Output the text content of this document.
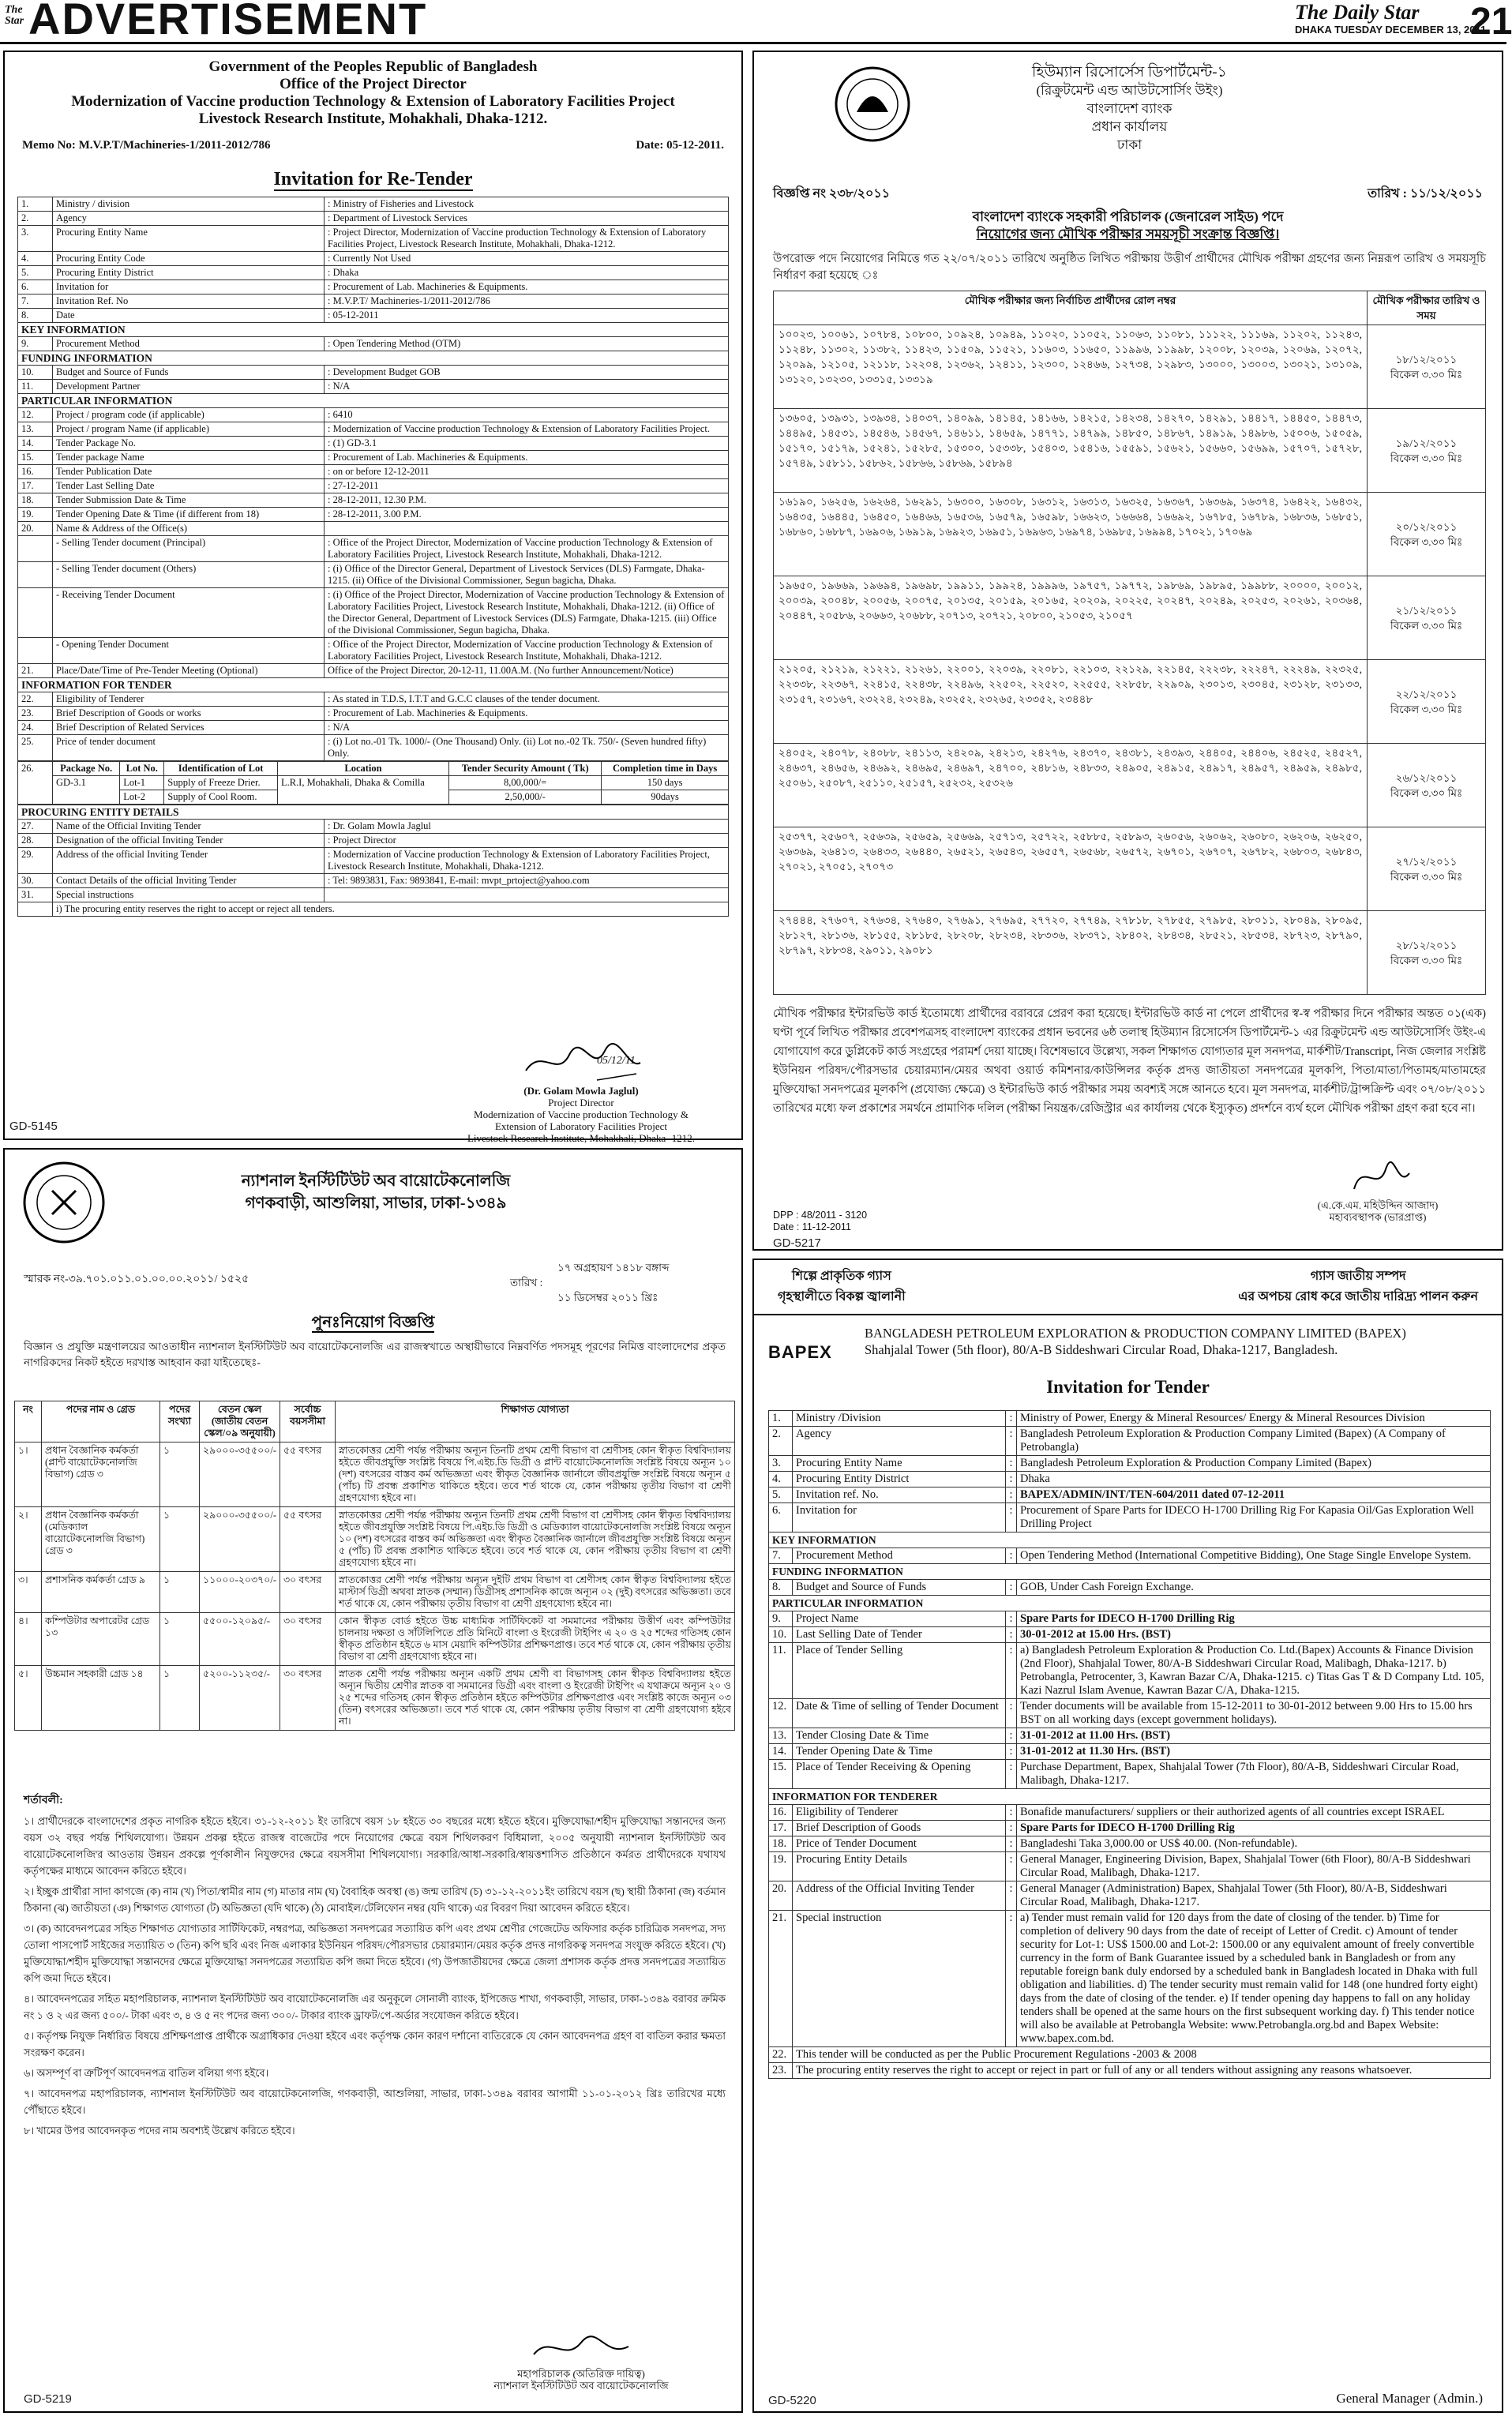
The Star ADVERTISEMENT	The Daily Star
DHAKA TUESDAY DECEMBER 13, 2011
21
Government of the Peoples Republic of Bangladesh
Office of the Project Director
Modernization of Vaccine production Technology & Extension of Laboratory Facilities Project
Livestock Research Institute, Mohakhali, Dhaka-1212.
Memo No: M.V.P.T/Machineries-1/2011-2012/786	Date: 05-12-2011.
Invitation for Re-Tender
1.	Ministry / division	: Ministry of Fisheries and Livestock
2.	Agency	: Department of Livestock Services
3.	Procuring Entity Name	: Project Director, Modernization of Vaccine production Technology & Extension of Laboratory Facilities Project, Livestock Research Institute, Mohakhali, Dhaka-1212.
4.	Procuring Entity Code	: Currently Not Used
5.	Procuring Entity District	: Dhaka
6.	Invitation for	: Procurement of Lab. Machineries & Equipments.
7.	Invitation Ref. No	: M.V.P.T/ Machineries-1/2011-2012/786
8.	Date	: 05-12-2011
KEY INFORMATION		
9.	Procurement Method	: Open Tendering Method (OTM)
FUNDING INFORMATION		
10.	Budget and Source of Funds	: Development Budget GOB
11.	Development Partner	: N/A
PARTICULAR INFORMATION		
12.	Project / program code (if applicable)	: 6410
13.	Project / program Name (if applicable)	: Modernization of Vaccine production Technology & Extension of Laboratory Facilities Project.
14.	Tender Package No.	: (1) GD-3.1
15.	Tender package Name	: Procurement of Lab. Machineries & Equipments.
16.	Tender Publication Date	: on or before 12-12-2011
17.	Tender Last Selling Date	: 27-12-2011
18.	Tender Submission Date & Time	: 28-12-2011, 12.30 P.M.
19.	Tender Opening Date & Time (if different from 18)	: 28-12-2011, 3.00 P.M.
20.	Name & Address of the Office(s)	
	- Selling Tender document (Principal)	: Office of the Project Director, Modernization of Vaccine production Technology & Extension of Laboratory Facilities Project, Livestock Research Institute, Mohakhali, Dhaka-1212.
	- Selling Tender document (Others)	: (i) Office of the Director General, Department of Livestock Services (DLS) Farmgate, Dhaka-1215. (ii) Office of the Divisional Commissioner, Segun bagicha, Dhaka.
	- Receiving Tender Document	: (i) Office of the Project Director, Modernization of Vaccine production Technology & Extension of Laboratory Facilities Project, Livestock Research Institute, Mohakhali, Dhaka-1212. (ii) Office of the Director General, Department of Livestock Services (DLS) Farmgate, Dhaka-1215. (iii) Office of the Divisional Commissioner, Segun bagicha, Dhaka.
	- Opening Tender Document	: Office of the Project Director, Modernization of Vaccine production Technology & Extension of Laboratory Facilities Project, Livestock Research Institute, Mohakhali, Dhaka-1212.
21.	Place/Date/Time of Pre-Tender Meeting (Optional)	Office of the Project Director, 20-12-11, 11.00A.M. (No further Announcement/Notice)
INFORMATION FOR TENDER		
22.	Eligibility of Tenderer	: As stated in T.D.S, I.T.T and G.C.C clauses of the tender document.
23.	Brief Description of Goods or works	: Procurement of Lab. Machineries & Equipments.
24.	Brief Description of Related Services	: N/A
25.	Price of tender document	: (i) Lot no.-01 Tk. 1000/- (One Thousand) Only. (ii) Lot no.-02 Tk. 750/- (Seven hundred fifty) Only.
26.	Package No.	Lot No.	Identification of Lot	Location	Tender Security Amount ( Tk)	Completion time in Days
	GD-3.1	Lot-1	Supply of Freeze Drier.	L.R.I, Mohakhali, Dhaka & Comilla	8,00,000/=	150 days
		Lot-2	Supply of Cool Room.		2,50,000/-	90days
PROCURING ENTITY DETAILS		
27.	Name of the Official Inviting Tender	: Dr. Golam Mowla Jaglul
28.	Designation of the official Inviting Tender	: Project Director
29.	Address of the official Inviting Tender	: Modernization of Vaccine production Technology & Extension of Laboratory Facilities Project, Livestock Research Institute, Mohakhali, Dhaka-1212.
30.	Contact Details of the official Inviting Tender	: Tel: 9893831, Fax: 9893841, E-mail: mvpt_prtoject@yahoo.com
31.	Special instructions	
	i) The procuring entity reserves the right to accept or reject all tenders.	
05/12/11
(Dr. Golam Mowla Jaglul)
Project Director
Modernization of Vaccine production Technology &
Extension of Laboratory Facilities Project
Livestock Research Institute, Mohakhali, Dhaka -1212.
GD-5145
হিউম্যান রিসোর্সেস ডিপার্টমেন্ট-১
(রিক্রুটমেন্ট এন্ড আউটসোর্সিং উইং)
বাংলাদেশ ব্যাংক
প্রধান কার্যালয়
ঢাকা
বিজ্ঞপ্তি নং ২৩৮/২০১১	তারিখ : ১১/১২/২০১১
বাংলাদেশ ব্যাংকে সহকারী পরিচালক (জেনারেল সাইড) পদে
নিয়োগের জন্য মৌখিক পরীক্ষার সময়সূচী সংক্রান্ত বিজ্ঞপ্তি।
উপরোক্ত পদে নিয়োগের নিমিত্তে গত ২২/০৭/২০১১ তারিখে অনুষ্ঠিত লিখিত পরীক্ষায় উত্তীর্ণ প্রার্থীদের মৌখিক পরীক্ষা গ্রহণের জন্য নিম্নরূপ তারিখ ও সময়সূচি নির্ধারণ করা হয়েছে ঃ
মৌখিক পরীক্ষার জন্য নির্বাচিত প্রার্থীদের রোল নম্বর	মৌখিক পরীক্ষার তারিখ ও সময়
১০০২৩, ১০০৬১, ১০৭৮৪, ১০৮০০, ১০৯২৪, ১০৯৪৯, ১১০২০, ১১০৫২, ১১০৬৩, ১১০৮১, ১১১২২, ১১১৬৯, ১১২০২, ১১২৪৩, ১১২৪৮, ১১৩০২, ১১৩৮২, ১১৪২৩, ১১৫০৯, ১১৫২১, ১১৬০৩, ১১৬৫০, ১১৯৯৬, ১১৯৯৮, ১২০০৮, ১২০৩৯, ১২০৬৯, ১২০৭২, ১২০৯৯, ১২১০৫, ১২১১৮, ১২২০৪, ১২৩৬২, ১২৪১১, ১২৩০০, ১২৪৬৬, ১২৭৩৪, ১২৯৮৩, ১৩০০০, ১৩০০৩, ১৩০২১, ১৩১০৯, ১৩১২০, ১৩২৩০, ১৩৩১৫, ১৩৩১৯	১৮/১২/২০১১
বিকেল ৩.৩০ মিঃ

১৩৬০৫, ১৩৯৩১, ১৩৯৩৪, ১৪০৩৭, ১৪০৯৯, ১৪১৪৫, ১৪১৬৬, ১৪২১৫, ১৪২৩৪, ১৪২৭০, ১৪২৯১, ১৪৪১৭, ১৪৪৫০, ১৪৪৭৩, ১৪৪৯৫, ১৪৫৩১, ১৪৫৪৬, ১৪৫৬৭, ১৪৬১১, ১৪৬৫৯, ১৪৭৭১, ১৪৭৯৯, ১৪৮৫০, ১৪৮৬৭, ১৪৯১৯, ১৪৯৮৬, ১৫০০৬, ১৫০৫৯, ১৫১৭০, ১৫১৭৯, ১৫২৪১, ১৫২৮৫, ১৫৩০০, ১৫৩৩৮, ১৫৪০৩, ১৫৪১৬, ১৫৫৯১, ১৫৬২১, ১৫৬৬০, ১৫৬৯৯, ১৫৭০৭, ১৫৭২৮, ১৫৭৪৯, ১৫৮১১, ১৫৮৬২, ১৫৮৬৬, ১৫৮৬৯, ১৫৮৯৪	১৯/১২/২০১১
বিকেল ৩.৩০ মিঃ

১৬১৯০, ১৬২৫৬, ১৬২৬৪, ১৬২৯১, ১৬৩০০, ১৬৩০৮, ১৬৩১২, ১৬৩১৩, ১৬৩২৫, ১৬৩৬৭, ১৬৩৬৯, ১৬৩৭৪, ১৬৪২২, ১৬৪৩২, ১৬৪৩৫, ১৬৪৪৫, ১৬৪৫০, ১৬৪৬৬, ১৬৫৩৬, ১৬৫৭৯, ১৬৫৯৮, ১৬৬২৩, ১৬৬৬৪, ১৬৬৯২, ১৬৭৮৫, ১৬৭৮৯, ১৬৮৩৬, ১৬৮৫১, ১৬৮৬০, ১৬৮৮৭, ১৬৯০৬, ১৬৯১৯, ১৬৯২৩, ১৬৯৫১, ১৬৯৬৩, ১৬৯৭৪, ১৬৯৮৫, ১৬৯৯৪, ১৭০২১, ১৭০৬৯	২০/১২/২০১১
বিকেল ৩.৩০ মিঃ

১৯৬৫০, ১৯৬৬৯, ১৯৬৯৪, ১৯৬৯৮, ১৯৯১১, ১৯৯২৪, ১৯৯৯৬, ১৯৭৫৭, ১৯৭৭২, ১৯৮৬৯, ১৯৮৯৫, ১৯৯৮৮, ২০০০০, ২০০১২, ২০০৩৯, ২০০৪৮, ২০০৫৬, ২০০৭৫, ২০১৩৫, ২০১৫৯, ২০১৬৫, ২০২০৯, ২০২২৫, ২০২৪৭, ২০২৪৯, ২০২৫৩, ২০২৬১, ২০৩৬৪, ২০৪৪৭, ২০৫৮৬, ২০৬৬৩, ২০৬৮৮, ২০৭১৩, ২০৭২১, ২০৮০০, ২১০৫৩, ২১০৫৭	২১/১২/২০১১
বিকেল ৩.৩০ মিঃ

২১২০৫, ২১২১৯, ২১২২১, ২১২৬১, ২২০০১, ২২০৩৯, ২২০৮১, ২২১০৩, ২২১২৯, ২২১৪৫, ২২২৩৮, ২২২৪৭, ২২২৪৯, ২২৩২৫, ২২৩৩৮, ২২৩৬৭, ২২৪১৫, ২২৪৩৮, ২২৪৯৬, ২২৫০২, ২২৫২০, ২২৫৫৫, ২২৮৫৮, ২২৯০৯, ২৩০১৩, ২৩০৪৫, ২৩১২৮, ২৩১৩৩, ২৩১৫৭, ২৩১৬৭, ২৩২২৪, ২৩২৪৯, ২৩২৫২, ২৩২৬৫, ২৩৩৫২, ২৩৪৪৮	২২/১২/২০১১
বিকেল ৩.৩০ মিঃ

২৪০৫২, ২৪০৭৮, ২৪০৮৮, ২৪১১৩, ২৪২০৯, ২৪২১৩, ২৪২৭৬, ২৪৩৭০, ২৪৩৮১, ২৪৩৯৩, ২৪৪০৫, ২৪৪০৬, ২৪৫২৫, ২৪৫২৭, ২৪৬৩৭, ২৪৬৫৬, ২৪৬৯২, ২৪৬৯৫, ২৪৬৯৭, ২৪৭০০, ২৪৮১৬, ২৪৮৩৩, ২৪৯০৫, ২৪৯১৫, ২৪৯১৭, ২৪৯৫৭, ২৪৯৫৯, ২৪৯৮৫, ২৫০৬১, ২৫০৮৭, ২৫১১০, ২৫১৫৭, ২৫২৩২, ২৫৩২৬	২৬/১২/২০১১
বিকেল ৩.৩০ মিঃ

২৫৩৭৭, ২৫৬০৭, ২৫৬৩৯, ২৫৬৫৯, ২৫৬৬৯, ২৫৭১৩, ২৫৭২২, ২৫৮৮৫, ২৫৮৯৩, ২৬০৫৬, ২৬০৬২, ২৬০৮০, ২৬২০৬, ২৬২৫০, ২৬৩৬৯, ২৬৪১৩, ২৬৪৩৩, ২৬৪৪০, ২৬৫২১, ২৬৫৪৩, ২৬৫৫৭, ২৬৫৬৮, ২৬৫৭২, ২৬৭০১, ২৬৭০৭, ২৬৭৮২, ২৬৮০৩, ২৬৮৪৩, ২৭০২১, ২৭০৫১, ২৭০৭৩	২৭/১২/২০১১
বিকেল ৩.৩০ মিঃ

২৭৪৪৪, ২৭৬০৭, ২৭৬৩৪, ২৭৬৪০, ২৭৬৯১, ২৭৬৯৫, ২৭৭২০, ২৭৭৪৯, ২৭৮১৮, ২৭৮৫৫, ২৭৯৮৫, ২৮০১১, ২৮০৪৯, ২৮০৯৫, ২৮১২৭, ২৮১৩৬, ২৮১৫৫, ২৮১৮৫, ২৮২০৮, ২৮২৩৪, ২৮৩৩৬, ২৮৩৭১, ২৮৪০২, ২৮৪৩৪, ২৮৫২১, ২৮৫৩৪, ২৮৭২৩, ২৮৭৯০, ২৮৭৯৭, ২৮৮৩৪, ২৯০১১, ২৯০৮১	২৮/১২/২০১১
বিকেল ৩.৩০ মিঃ
মৌখিক পরীক্ষার ইন্টারভিউ কার্ড ইতোমধ্যে প্রার্থীদের বরাবরে প্রেরণ করা হয়েছে। ইন্টারভিউ কার্ড না পেলে প্রার্থীদের স্ব-স্ব পরীক্ষার দিনে পরীক্ষার অন্তত ০১(এক) ঘণ্টা পূর্বে লিখিত পরীক্ষার প্রবেশপত্রসহ বাংলাদেশ ব্যাংকের প্রধান ভবনের ৬ষ্ঠ তলাস্থ হিউম্যান রিসোর্সেস ডিপার্টমেন্ট-১ এর রিক্রুটমেন্ট এন্ড আউটসোর্সিং উইং-এ যোগাযোগ করে ডুপ্লিকেট কার্ড সংগ্রহের পরামর্শ দেয়া যাচ্ছে। বিশেষভাবে উল্লেখ্য, সকল শিক্ষাগত যোগ্যতার মূল সনদপত্র, মার্কশীট/Transcript, নিজ জেলার সংশ্লিষ্ট ইউনিয়ন পরিষদ/পৌরসভার চেয়ারম্যান/মেয়র অথবা ওয়ার্ড কমিশনার/কাউন্সিলর কর্তৃক প্রদত্ত জাতীয়তা সনদপত্রের মূলকপি, পিতা/মাতা/পিতামহ/মাতামহের মুক্তিযোদ্ধা সনদপত্রের মূলকপি (প্রযোজ্য ক্ষেত্রে) ও ইন্টারভিউ কার্ড পরীক্ষার সময় অবশ্যই সঙ্গে আনতে হবে। মূল সনদপত্র, মার্কশীট/ট্রান্সক্রিপ্ট এবং ০৭/০৮/২০১১ তারিখের মধ্যে ফল প্রকাশের সমর্থনে প্রামাণিক দলিল (পরীক্ষা নিয়ন্ত্রক/রেজিস্ট্রার এর কার্যালয় থেকে ইস্যুকৃত) প্রদর্শনে ব্যর্থ হলে মৌখিক পরীক্ষা গ্রহণ করা হবে না।
DPP : 48/2011 - 3120
Date : 11-12-2011
(এ.কে.এম. মহিউদ্দিন আজাদ)
মহাব্যবস্থাপক (ভারপ্রাপ্ত)
GD-5217
ন্যাশনাল ইনস্টিটিউট অব বায়োটেকনোলজি
গণকবাড়ী, আশুলিয়া, সাভার, ঢাকা-১৩৪৯
স্মারক নং-৩৯.৭০১.০১১.০১.০০.০০.২০১১/ ১৫২৫
১৭ অগ্রহায়ণ ১৪১৮ বঙ্গাব্দ
তারিখ :
১১ ডিসেম্বর ২০১১ খ্রিঃ
পুনঃনিয়োগ বিজ্ঞপ্তি
বিজ্ঞান ও প্রযুক্তি মন্ত্রণালয়ের আওতাধীন ন্যাশনাল ইনস্টিটিউট অব বায়োটেকনোলজি এর রাজস্বখাতে অস্থায়ীভাবে নিম্নবর্ণিত পদসমূহ পূরণের নিমিত্ত বাংলাদেশের প্রকৃত নাগরিকদের নিকট হইতে দরখাস্ত আহবান করা যাইতেছেঃ-
নং	পদের নাম ও গ্রেড	পদের সংখ্যা	বেতন স্কেল (জাতীয় বেতন স্কেল/০৯ অনুযায়ী)	সর্বোচ্চ বয়সসীমা	শিক্ষাগত যোগ্যতা
১।	প্রধান বৈজ্ঞানিক কর্মকর্তা (প্লান্ট বায়োটেকনোলজি বিভাগ) গ্রেড ৩	১	২৯০০০-৩৫৫০০/-	৫৫ বৎসর	স্নাতকোত্তর শ্রেণী পর্যন্ত পরীক্ষায় অন্যূন তিনটি প্রথম শ্রেণী বিভাগ বা শ্রেণীসহ কোন স্বীকৃত বিশ্ববিদ্যালয় হইতে জীবপ্রযুক্তি সংশ্লিষ্ট বিষয়ে পি.এইচ.ডি ডিগ্রী ও প্লান্ট বায়োটেকনোলজি সংশ্লিষ্ট বিষয়ে অন্যূন ১০ (দশ) বৎসরের বাস্তব কর্ম অভিজ্ঞতা এবং স্বীকৃত বৈজ্ঞানিক জার্নালে জীবপ্রযুক্তি সংশ্লিষ্ট বিষয়ে অন্যূন ৫ (পাঁচ) টি প্রবন্ধ প্রকাশিত থাকিতে হইবে। তবে শর্ত থাকে যে, কোন পরীক্ষায় তৃতীয় বিভাগ বা শ্রেণী গ্রহণযোগ্য হইবে না।
২।	প্রধান বৈজ্ঞানিক কর্মকর্তা (মেডিক্যাল বায়োটেকনোলজি বিভাগ) গ্রেড ৩	১	২৯০০০-৩৫৫০০/-	৫৫ বৎসর	স্নাতকোত্তর শ্রেণী পর্যন্ত পরীক্ষায় অন্যূন তিনটি প্রথম শ্রেণী বিভাগ বা শ্রেণীসহ কোন স্বীকৃত বিশ্ববিদ্যালয় হইতে জীবপ্রযুক্তি সংশ্লিষ্ট বিষয়ে পি.এইচ.ডি ডিগ্রী ও মেডিক্যাল বায়োটেকনোলজি সংশ্লিষ্ট বিষয়ে অন্যূন ১০ (দশ) বৎসরের বাস্তব কর্ম অভিজ্ঞতা এবং স্বীকৃত বৈজ্ঞানিক জার্নালে জীবপ্রযুক্তি সংশ্লিষ্ট বিষয়ে অন্যূন ৫ (পাঁচ) টি প্রবন্ধ প্রকাশিত থাকিতে হইবে। তবে শর্ত থাকে যে, কোন পরীক্ষায় তৃতীয় বিভাগ বা শ্রেণী গ্রহণযোগ্য হইবে না।
৩।	প্রশাসনিক কর্মকর্তা গ্রেড ৯	১	১১০০০-২০৩৭০/-	৩০ বৎসর	স্নাতকোত্তর শ্রেণী পর্যন্ত পরীক্ষায় অন্যূন দুইটি প্রথম বিভাগ বা শ্রেণীসহ কোন স্বীকৃত বিশ্ববিদ্যালয় হইতে মাস্টার্স ডিগ্রী অথবা স্নাতক (সম্মান) ডিগ্রীসহ প্রশাসনিক কাজে অন্যূন ০২ (দুই) বৎসরের অভিজ্ঞতা। তবে শর্ত থাকে যে, কোন পরীক্ষায় তৃতীয় বিভাগ বা শ্রেণী গ্রহণযোগ্য হইবে না।
৪।	কম্পিউটার অপারেটর গ্রেড ১৩	১	৫৫০০-১২০৯৫/-	৩০ বৎসর	কোন স্বীকৃত বোর্ড হইতে উচ্চ মাধ্যমিক সার্টিফিকেট বা সমমানের পরীক্ষায় উত্তীর্ণ এবং কম্পিউটার চালনায় দক্ষতা ও সাঁটলিপিতে প্রতি মিনিটে বাংলা ও ইংরেজী টাইপিং এ ২০ ও ২৫ শব্দের গতিসহ কোন স্বীকৃত প্রতিষ্ঠান হইতে ৬ মাস মেয়াদি কম্পিউটার প্রশিক্ষণপ্রাপ্ত। তবে শর্ত থাকে যে, কোন পরীক্ষায় তৃতীয় বিভাগ বা শ্রেণী গ্রহণযোগ্য হইবে না।
৫।	উচ্চমান সহকারী গ্রেড ১৪	১	৫২০০-১১২৩৫/-	৩০ বৎসর	স্নাতক শ্রেণী পর্যন্ত পরীক্ষায় অন্যূন একটি প্রথম শ্রেণী বা বিভাগসহ কোন স্বীকৃত বিশ্ববিদ্যালয় হইতে অন্যূন দ্বিতীয় শ্রেণীর স্নাতক বা সমমানের ডিগ্রী এবং বাংলা ও ইংরেজী টাইপিং এ যথাক্রমে অন্যূন ২০ ও ২৫ শব্দের গতিসহ কোন স্বীকৃত প্রতিষ্ঠান হইতে কম্পিউটার প্রশিক্ষণপ্রাপ্ত এবং সংশ্লিষ্ট কাজে অন্যূন ০৩ (তিন) বৎসরের অভিজ্ঞতা। তবে শর্ত থাকে যে, কোন পরীক্ষায় তৃতীয় বিভাগ বা শ্রেণী গ্রহণযোগ্য হইবে না।
শর্তাবলী:
১। প্রার্থীদেরকে বাংলাদেশের প্রকৃত নাগরিক হইতে হইবে। ৩১-১২-২০১১ ইং তারিখে বয়স ১৮ হইতে ৩০ বছরের মধ্যে হইতে হইবে। মুক্তিযোদ্ধা/শহীদ মুক্তিযোদ্ধা সন্তানদের জন্য বয়স ৩২ বছর পর্যন্ত শিথিলযোগ্য। উন্নয়ন প্রকল্প হইতে রাজস্ব বাজেটের পদে নিয়োগের ক্ষেত্রে বয়স শিথিলকরণ বিধিমালা, ২০০৫ অনুযায়ী ন্যাশনাল ইনস্টিটিউট অব বায়োটেকনোলজি'র আওতায় উন্নয়ন প্রকল্পে পূর্ণকালীন নিযুক্তদের ক্ষেত্রে বয়সসীমা শিথিলযোগ্য। সরকারি/আধা-সরকারি/স্বায়ত্তশাসিত প্রতিষ্ঠানে কর্মরত প্রার্থীদেরকে যথাযথ কর্তৃপক্ষের মাধ্যমে আবেদন করিতে হইবে।
২। ইচ্ছুক প্রার্থীরা সাদা কাগজে (ক) নাম (খ) পিতা/স্বামীর নাম (গ) মাতার নাম (ঘ) বৈবাহিক অবস্থা (ঙ) জন্ম তারিখ (চ) ৩১-১২-২০১১ইং তারিখে বয়স (ছ) স্থায়ী ঠিকানা (জ) বর্তমান ঠিকানা (ঝ) জাতীয়তা (ঞ) শিক্ষাগত যোগ্যতা (ট) অভিজ্ঞতা (যদি থাকে) (ঠ) মোবাইল/টেলিফোন নম্বর (যদি থাকে) এর বিবরণ দিয়া আবেদন করিতে হইবে।
৩। (ক) আবেদনপত্রের সহিত শিক্ষাগত যোগ্যতার সার্টিফিকেট, নম্বরপত্র, অভিজ্ঞতা সনদপত্রের সত্যায়িত কপি এবং প্রথম শ্রেণীর গেজেটেড অফিসার কর্তৃক চারিত্রিক সনদপত্র, সদ্য তোলা পাসপোর্ট সাইজের সত্যায়িত ৩ (তিন) কপি ছবি এবং নিজ এলাকার ইউনিয়ন পরিষদ/পৌরসভার চেয়ারম্যান/মেয়র কর্তৃক প্রদত্ত নাগরিকত্ব সনদপত্র সংযুক্ত করিতে হইবে। (খ) মুক্তিযোদ্ধা/শহীদ মুক্তিযোদ্ধা সন্তানদের ক্ষেত্রে মুক্তিযোদ্ধা সনদপত্রের সত্যায়িত কপি জমা দিতে হইবে। (গ) উপজাতীয়দের ক্ষেত্রে জেলা প্রশাসক কর্তৃক প্রদত্ত সনদপত্রের সত্যায়িত কপি জমা দিতে হইবে।
৪। আবেদনপত্রের সহিত মহাপরিচালক, ন্যাশনাল ইনস্টিটিউট অব বায়োটেকনোলজি এর অনুকূলে সোনালী ব্যাংক, ইপিজেড শাখা, গণকবাড়ী, সাভার, ঢাকা-১৩৪৯ বরাবর ক্রমিক নং ১ ও ২ এর জন্য ৫০০/- টাকা এবং ৩, ৪ ও ৫ নং পদের জন্য ৩০০/- টাকার ব্যাংক ড্রাফট/পে-অর্ডার সংযোজন করিতে হইবে।
৫। কর্তৃপক্ষ নিযুক্ত নির্ধারিত বিষয়ে প্রশিক্ষণপ্রাপ্ত প্রার্থীকে অগ্রাধিকার দেওয়া হইবে এবং কর্তৃপক্ষ কোন কারণ দর্শানো ব্যতিরেকে যে কোন আবেদনপত্র গ্রহণ বা বাতিল করার ক্ষমতা সংরক্ষণ করেন।
৬। অসম্পূর্ণ বা ত্রুটিপূর্ণ আবেদনপত্র বাতিল বলিয়া গণ্য হইবে।
৭। আবেদনপত্র মহাপরিচালক, ন্যাশনাল ইনস্টিটিউট অব বায়োটেকনোলজি, গণকবাড়ী, আশুলিয়া, সাভার, ঢাকা-১৩৪৯ বরাবর আগামী ১১-০১-২০১২ খ্রিঃ তারিখের মধ্যে পৌঁছাতে হইবে।
৮। খামের উপর আবেদনকৃত পদের নাম অবশ্যই উল্লেখ করিতে হইবে।
মহাপরিচালক (অতিরিক্ত দায়িত্ব)
ন্যাশনাল ইনস্টিটিউট অব বায়োটেকনোলজি
GD-5219
শিল্পে প্রাকৃতিক গ্যাস
গৃহস্থালীতে বিকল্প জ্বালানী
গ্যাস জাতীয় সম্পদ
এর অপচয় রোধ করে জাতীয় দারিদ্র্য পালন করুন
BAPEX
BANGLADESH PETROLEUM EXPLORATION & PRODUCTION COMPANY LIMITED (BAPEX)
Shahjalal Tower (5th floor), 80/A-B Siddeshwari Circular Road, Dhaka-1217, Bangladesh.
Invitation for Tender
1.	Ministry /Division	:	Ministry of Power, Energy & Mineral Resources/ Energy & Mineral Resources Division
2.	Agency	:	Bangladesh Petroleum Exploration & Production Company Limited (Bapex) (A Company of Petrobangla)
3.	Procuring Entity Name	:	Bangladesh Petroleum Exploration & Production Company Limited (Bapex)
4.	Procuring Entity District	:	Dhaka
5.	Invitation ref. No.	:	BAPEX/ADMIN/INT/TEN-604/2011 dated 07-12-2011
6.	Invitation for	:	Procurement of Spare Parts for IDECO H-1700 Drilling Rig For Kapasia Oil/Gas Exploration Well Drilling Project
KEY INFORMATION			
7.	Procurement Method	:	Open Tendering Method (International Competitive Bidding), One Stage Single Envelope System.
FUNDING INFORMATION			
8.	Budget and Source of Funds	:	GOB, Under Cash Foreign Exchange.
PARTICULAR INFORMATION			
9.	Project Name	:	Spare Parts for IDECO H-1700 Drilling Rig
10.	Last Selling Date of Tender	:	30-01-2012 at 15.00 Hrs. (BST)
11.	Place of Tender Selling	:	a) Bangladesh Petroleum Exploration & Production Co. Ltd.(Bapex) Accounts & Finance Division (2nd Floor), Shahjalal Tower, 80/A-B Siddeshwari Circular Road, Malibagh, Dhaka-1217. b) Petrobangla, Petrocenter, 3, Kawran Bazar C/A, Dhaka-1215. c) Titas Gas T & D Company Ltd. 105, Kazi Nazrul Islam Avenue, Kawran Bazar C/A, Dhaka-1215.
12.	Date & Time of selling of Tender Document	:	Tender documents will be available from 15-12-2011 to 30-01-2012 between 9.00 Hrs to 15.00 hrs BST on all working days (except government holidays).
13.	Tender Closing Date & Time	:	31-01-2012 at 11.00 Hrs. (BST)
14.	Tender Opening Date & Time	:	31-01-2012 at 11.30 Hrs. (BST)
15.	Place of Tender Receiving & Opening	:	Purchase Department, Bapex, Shahjalal Tower (7th Floor), 80/A-B, Siddeshwari Circular Road, Malibagh, Dhaka-1217.
INFORMATION FOR TENDERER			
16.	Eligibility of Tenderer	:	Bonafide manufacturers/ suppliers or their authorized agents of all countries except ISRAEL
17.	Brief Description of Goods	:	Spare Parts for IDECO H-1700 Drilling Rig
18.	Price of Tender Document	:	Bangladeshi Taka 3,000.00 or US$ 40.00. (Non-refundable).
19.	Procuring Entity Details	:	General Manager, Engineering Division, Bapex, Shahjalal Tower (6th Floor), 80/A-B Siddeshwari Circular Road, Malibagh, Dhaka-1217.
20.	Address of the Official Inviting Tender	:	General Manager (Administration) Bapex, Shahjalal Tower (5th Floor), 80/A-B, Siddeshwari Circular Road, Malibagh, Dhaka-1217.
21.	Special instruction	:	a) Tender must remain valid for 120 days from the date of closing of the tender. b) Time for completion of delivery 90 days from the date of receipt of Letter of Credit. c) Amount of tender security for Lot-1: US$ 1500.00 and Lot-2: 1500.00 or any equivalent amount of freely convertible currency in the form of Bank Guarantee issued by a scheduled bank in Bangladesh or from any reputable foreign bank duly endorsed by a scheduled bank in Bangladesh located in Dhaka with full obligation and liabilities. d) The tender security must remain valid for 148 (one hundred forty eight) days from the date of closing of the tender. e) If tender opening day happens to fall on any holiday tenders shall be opened at the same hours on the first subsequent working day. f) This tender notice will also be available at Petrobangla Website: www.Petrobangla.org.bd and Bapex Website: www.bapex.com.bd.
22.	This tender will be conducted as per the Public Procurement Regulations -2003 & 2008		
23.	The procuring entity reserves the right to accept or reject in part or full of any or all tenders without assigning any reasons whatsoever.		
GD-5220	General Manager (Admin.)
